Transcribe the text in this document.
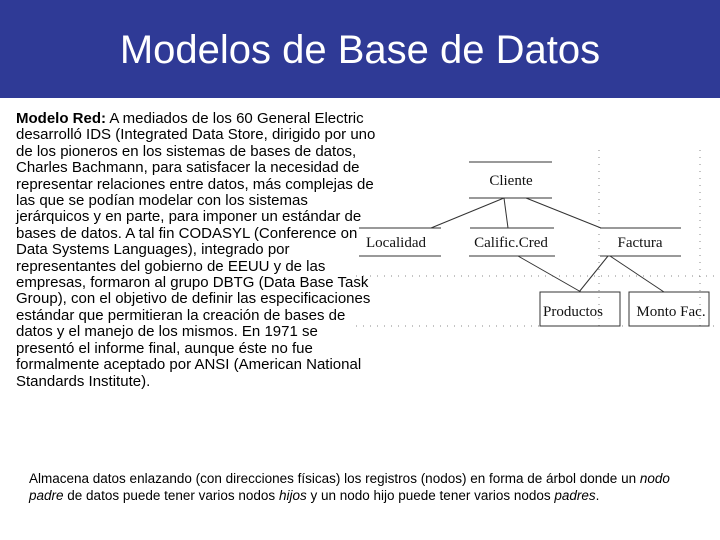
Modelos de Base de Datos
Modelo Red: A mediados de los 60 General Electric desarrolló IDS (Integrated Data Store, dirigido por uno de los pioneros en los sistemas de bases de datos, Charles Bachmann, para satisfacer la necesidad de representar relaciones entre datos, más complejas de las que se podían modelar con los sistemas jerárquicos y en parte, para imponer un estándar de bases de datos. A tal fin CODASYL (Conference on Data Systems Languages), integrado por representantes del gobierno de EEUU y de las empresas, formaron al grupo DBTG (Data Base Task Group), con el objetivo de definir las especificaciones estándar que permitieran la creación de bases de datos y el manejo de los mismos. En 1971 se presentó el informe final, aunque éste no fue formalmente aceptado por ANSI (American National Standards Institute).
Cliente
Localidad	Calific.Cred	Factura
Productos Monto Fac.
Almacena datos enlazando (con direcciones físicas) los registros (nodos) en forma de árbol donde un nodo padre de datos puede tener varios nodos hijos y un nodo hijo puede tener varios nodos padres.
